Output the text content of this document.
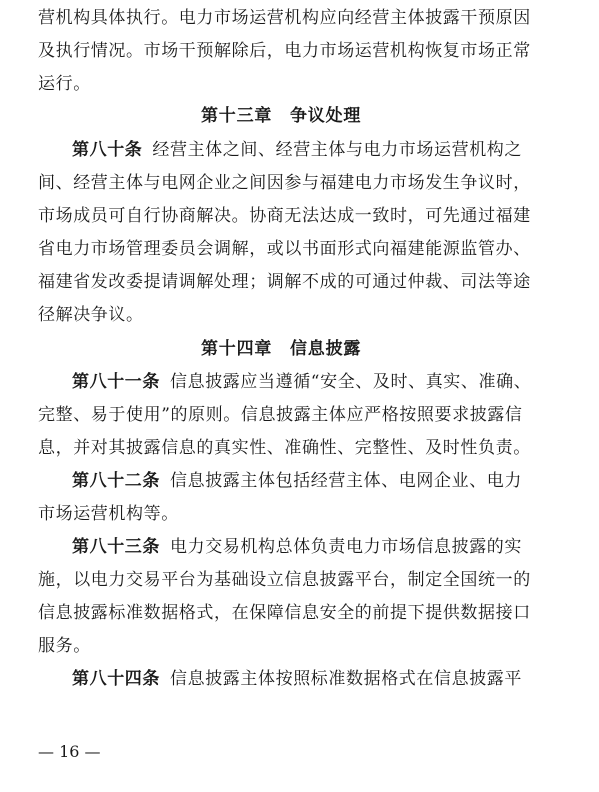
营机构具体执行。电力市场运营机构应向经营主体披露干预原因
及执行情况。市场干预解除后，电力市场运营机构恢复市场正常
运行。
第十三章　争议处理
第八十条 经营主体之间、经营主体与电力市场运营机构之
间、经营主体与电网企业之间因参与福建电力市场发生争议时，
市场成员可自行协商解决。协商无法达成一致时，可先通过福建
省电力市场管理委员会调解，或以书面形式向福建能源监管办、
福建省发改委提请调解处理；调解不成的可通过仲裁、司法等途
径解决争议。
第十四章　信息披露
第八十一条 信息披露应当遵循“安全、及时、真实、准确、
完整、易于使用”的原则。信息披露主体应严格按照要求披露信
息，并对其披露信息的真实性、准确性、完整性、及时性负责。
第八十二条 信息披露主体包括经营主体、电网企业、电力
市场运营机构等。
第八十三条 电力交易机构总体负责电力市场信息披露的实
施，以电力交易平台为基础设立信息披露平台，制定全国统一的
信息披露标准数据格式，在保障信息安全的前提下提供数据接口
服务。
第八十四条 信息披露主体按照标准数据格式在信息披露平
— 16 —
